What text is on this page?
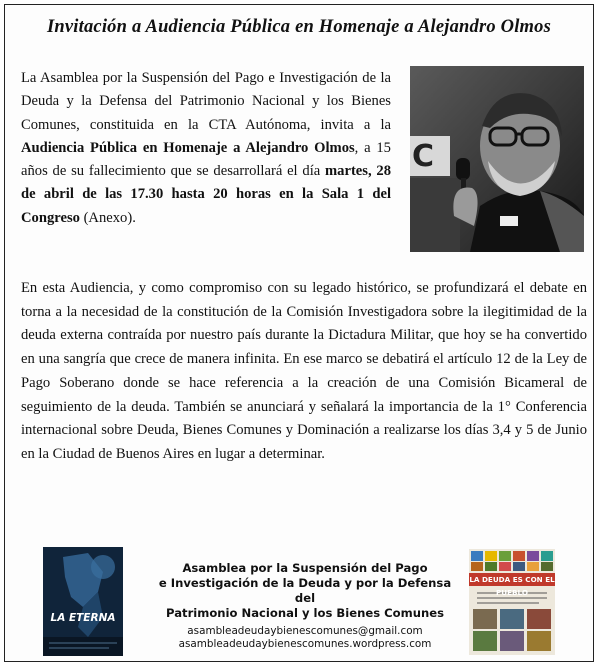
Invitación a Audiencia Pública en Homenaje a Alejandro Olmos

La Asamblea por la Suspensión del Pago e Investigación de la Deuda y la Defensa del Patrimonio Nacional y los Bienes Comunes, constituida en la CTA Autónoma, invita a la Audiencia Pública en Homenaje a Alejandro Olmos, a 15 años de su fallecimiento que se desarrollará el día martes, 28 de abril de las 17.30 hasta 20 horas en la Sala 1 del Congreso (Anexo).

C

En esta Audiencia, y como compromiso con su legado histórico, se profundizará el debate en torna a la necesidad de la constitución de la Comisión Investigadora sobre la ilegitimidad de la deuda externa contraída por nuestro país durante la Dictadura Militar, que hoy se ha convertido en una sangría que crece de manera infinita. En ese marco se debatirá el artículo 12 de la Ley de Pago Soberano donde se hace referencia a la creación de una Comisión Bicameral de seguimiento de la deuda. También se anunciará y señalará la importancia de la 1° Conferencia internacional sobre Deuda, Bienes Comunes y Dominación a realizarse los días 3,4 y 5 de Junio en la Ciudad de Buenos Aires en lugar a determinar.

LA ETERNA

Asamblea por la Suspensión del Pago

e Investigación de la Deuda y por la Defensa del

Patrimonio Nacional y los Bienes Comunes

asambleadeudaybienescomunes@gmail.com

asambleadeudaybienescomunes.wordpress.com

LA DEUDA ES CON EL PUEBLO
